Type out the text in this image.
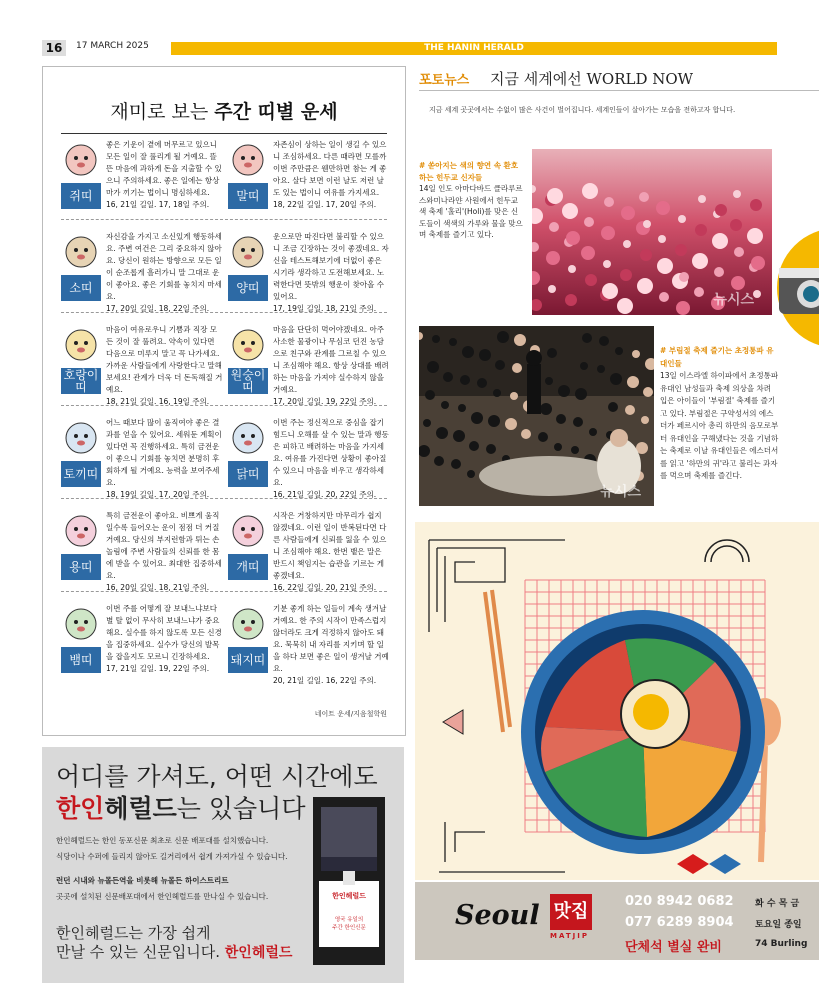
16	17 MARCH 2025	THE HANIN HERALD
재미로 보는 주간 띠별 운세
쥐띠
좋은 기운이 곁에 머무르고 있으니 모든 일이 잘 풀리게 될 거예요. 뜰뜬 마음에 과하게 돈을 지출할 수 있으니 주의하세요. 좋은 일에는 항상 마가 끼기는 법이니 명심하세요.
16, 21일 길일. 17, 18일 주의.
말띠
자존심이 상하는 일이 생길 수 있으니 조심하세요. 다른 때라면 모를까 이번 주만큼은 웬만하면 참는 게 좋아요. 살다 보면 이런 날도 저런 날도 있는 법이니 여유를 가지세요.
18, 22일 길일. 17, 20일 주의.
소띠
자신감을 가지고 소신있게 행동하세요. 주변 여건은 그리 중요하지 않아요. 당신이 원하는 방향으로 모든 일이 순조롭게 흘러가니 말 그대로 운이 좋아요. 좋은 기회를 놓치지 마세요.
17, 20일 길일. 18, 22일 주의.
양띠
운으로만 따진다면 불리할 수 있으니 조금 긴장하는 것이 좋겠네요. 자신을 테스트해보기에 더없이 좋은 시기라 생각하고 도전해보세요. 노력한다면 뜻밖의 행운이 찾아올 수 있어요.
17, 19일 길일. 18, 21일 주의.
호랑이띠
마음이 여유로우니 기쁨과 직장 모든 것이 잘 풀려요. 약속이 있다면 다음으로 미루지 말고 꼭 나가세요. 가까운 사람들에게 사랑한다고 말해보세요! 관계가 더욱 더 돈독해질 거예요.
18, 21일 길일. 16, 19일 주의.
원숭이띠
마음을 단단히 먹어야겠네요. 아주 사소한 물광이나 무심코 던진 농담으로 친구와 관계를 그르칠 수 있으니 조심해야 해요. 항상 상대를 배려하는 마음을 가져야 실수하지 않을 거예요.
17, 20일 길일. 19, 22일 주의.
토끼띠
어느 때보다 많이 움직여야 좋은 결과를 얻을 수 있어요. 세워둔 계획이 있다면 꼭 진행하세요. 특히 금전운이 좋으니 기회를 놓치면 분명히 후회하게 될 거예요. 능력을 보여주세요.
18, 19일 길일. 17, 20일 주의.
닭띠
이번 주는 정신적으로 중심을 잡기 힘드니 오해를 살 수 있는 말과 행동은 피하고 배려하는 마음을 가지세요. 여유를 가진다면 상황이 좋아질 수 있으니 마음을 비우고 생각하세요.
16, 21일 길일. 20, 22일 주의.
용띠
특히 금전운이 좋아요. 비쁘게 움직일수록 들어오는 운이 점점 더 커질 거예요. 당신의 부지런함과 튀는 손놀림에 주변 사람들의 신뢰를 한 몸에 받을 수 있어요. 최대한 집중하세요.
16, 20일 길일. 18, 21일 주의.
개띠
시작은 거창하지만 마무리가 쉽지 않겠네요. 이런 일이 반복된다면 다른 사람들에게 신뢰를 잃을 수 있으니 조심해야 해요. 한번 뱉은 말은 반드시 책임지는 습관을 기르는 게 좋겠네요.
16, 22일 길일. 20, 21일 주의.
뱀띠
이번 주를 어떻게 잘 보내느냐보다 별 탈 없이 무사히 보내느냐가 중요해요. 실수를 하지 않도록 모든 신경을 집중하세요. 실수가 당신의 발목을 잡을지도 모르니 긴장하세요.
17, 21일 길일. 19, 22일 주의.
돼지띠
기분 좋게 하는 일들이 계속 생겨날 거예요. 한 주의 시작이 만족스럽지 않더라도 크게 걱정하지 않아도 돼요. 묵묵히 내 자리를 지키며 할 일을 하다 보면 좋은 일이 생겨날 거예요.
20, 21일 길일. 16, 22일 주의.
네이트 운세/지음철학원
어디를 가셔도, 어떤 시간에도
한인헤럴드는 있습니다
한인헤럴드는 한인 동포신문 최초로 신문 배포대를 설치했습니다.
식당이나 수퍼에 들리지 않아도 길거리에서 쉽게 가져가실 수 있습니다.
런던 시내와 뉴몰든역을 비롯해 뉴몰든 하이스트리트
곳곳에 설치된 신문배포대에서 한인헤럴드를 만나실 수 있습니다.
한인헤럴드는 가장 쉽게
만날 수 있는 신문입니다. 한인헤럴드
한인헤럴드
영국 유일의
주간 한인신문
포토뉴스 지금 세계에선 WORLD NOW
지금 세계 곳곳에서는 수없이 많은 사건이 벌어집니다. 세계인들이 살아가는 모습을 전하고자 합니다.
# 쏟아지는 색의 향연 속 환호하는 힌두교 신자들
14일 인도 아마다바드 클라루르 스와미나라얀 사원에서 힌두교 색 축제 '홀리'(Holi)를 맞은 신도들이 색색의 가루와 물을 맞으며 축제를 즐기고 있다.
뉴시스
뉴시스
# 부림절 축제 즐기는 초정통파 유대인들
13일 이스라엘 하이파에서 초정통파 유대인 남성들과 축제 의상을 차려 입은 아이들이 '부림절' 축제를 즐기고 있다. 부림절은 구약성서의 에스더가 페르시아 총리 하만의 음모로부터 유대인을 구해냈다는 것을 기념하는 축제로 이날 유대인들은 에스더서를 읽고 '하만의 귀'라고 불리는 과자를 먹으며 축제를 즐긴다.
Seoul 맛집
MATJIP
020 8942 0682
077 6289 8904
단체석 별실 완비
화 수 목 금
토요일 종일
74 Burling
